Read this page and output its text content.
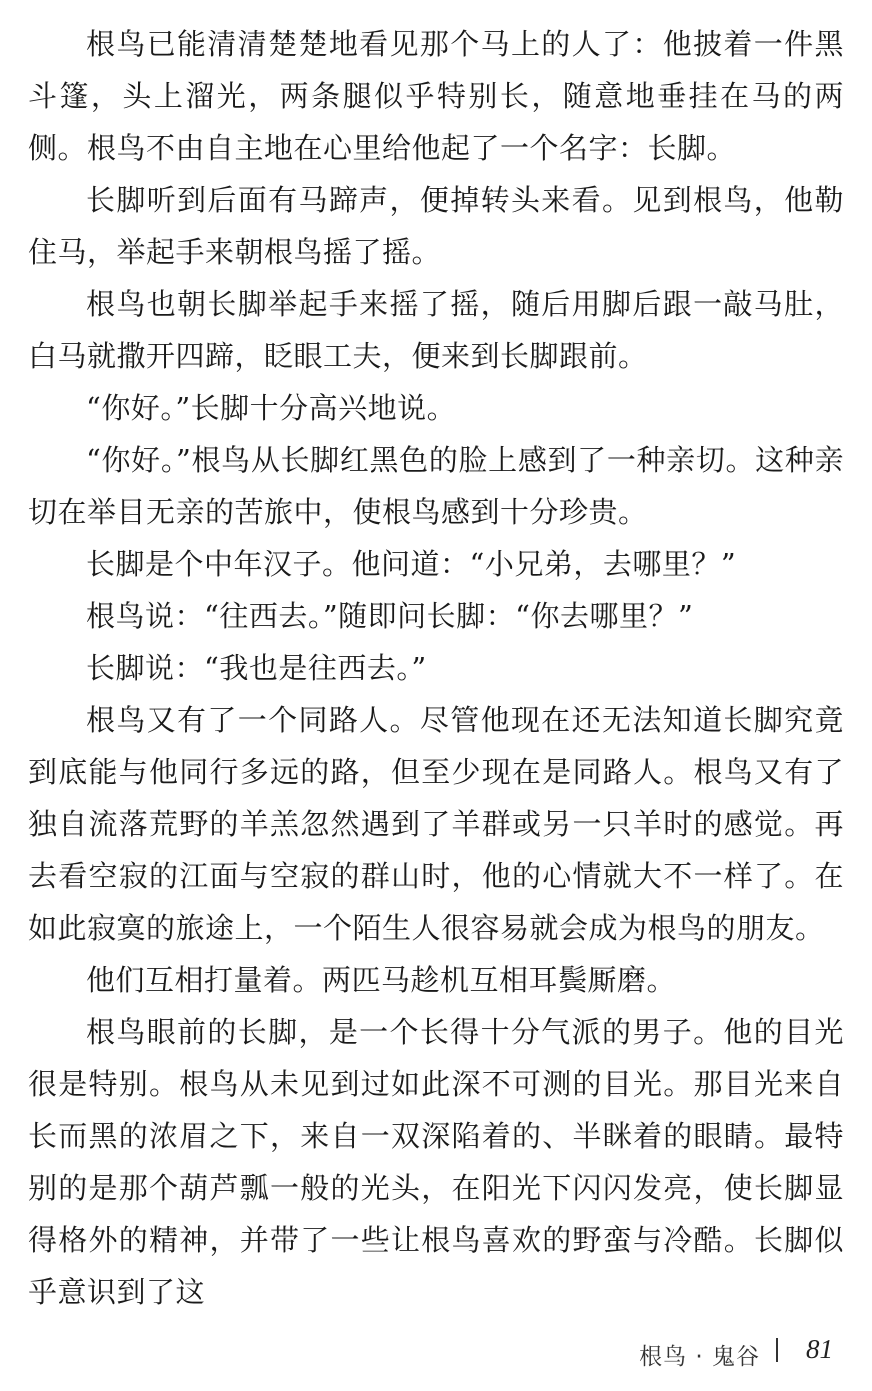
根鸟已能清清楚楚地看见那个马上的人了：他披着一件黑斗篷，头上溜光，两条腿似乎特别长，随意地垂挂在马的两侧。根鸟不由自主地在心里给他起了一个名字：长脚。

长脚听到后面有马蹄声，便掉转头来看。见到根鸟，他勒住马，举起手来朝根鸟摇了摇。

根鸟也朝长脚举起手来摇了摇，随后用脚后跟一敲马肚，白马就撒开四蹄，眨眼工夫，便来到长脚跟前。

“你好。”长脚十分高兴地说。

“你好。”根鸟从长脚红黑色的脸上感到了一种亲切。这种亲切在举目无亲的苦旅中，使根鸟感到十分珍贵。

长脚是个中年汉子。他问道：“小兄弟，去哪里？”

根鸟说：“往西去。”随即问长脚：“你去哪里？”

长脚说：“我也是往西去。”

根鸟又有了一个同路人。尽管他现在还无法知道长脚究竟到底能与他同行多远的路，但至少现在是同路人。根鸟又有了独自流落荒野的羊羔忽然遇到了羊群或另一只羊时的感觉。再去看空寂的江面与空寂的群山时，他的心情就大不一样了。在如此寂寞的旅途上，一个陌生人很容易就会成为根鸟的朋友。

他们互相打量着。两匹马趁机互相耳鬓厮磨。

根鸟眼前的长脚，是一个长得十分气派的男子。他的目光很是特别。根鸟从未见到过如此深不可测的目光。那目光来自长而黑的浓眉之下，来自一双深陷着的、半眯着的眼睛。最特别的是那个葫芦瓢一般的光头，在阳光下闪闪发亮，使长脚显得格外的精神，并带了一些让根鸟喜欢的野蛮与冷酷。长脚似乎意识到了这

根鸟 · 鬼谷 81
